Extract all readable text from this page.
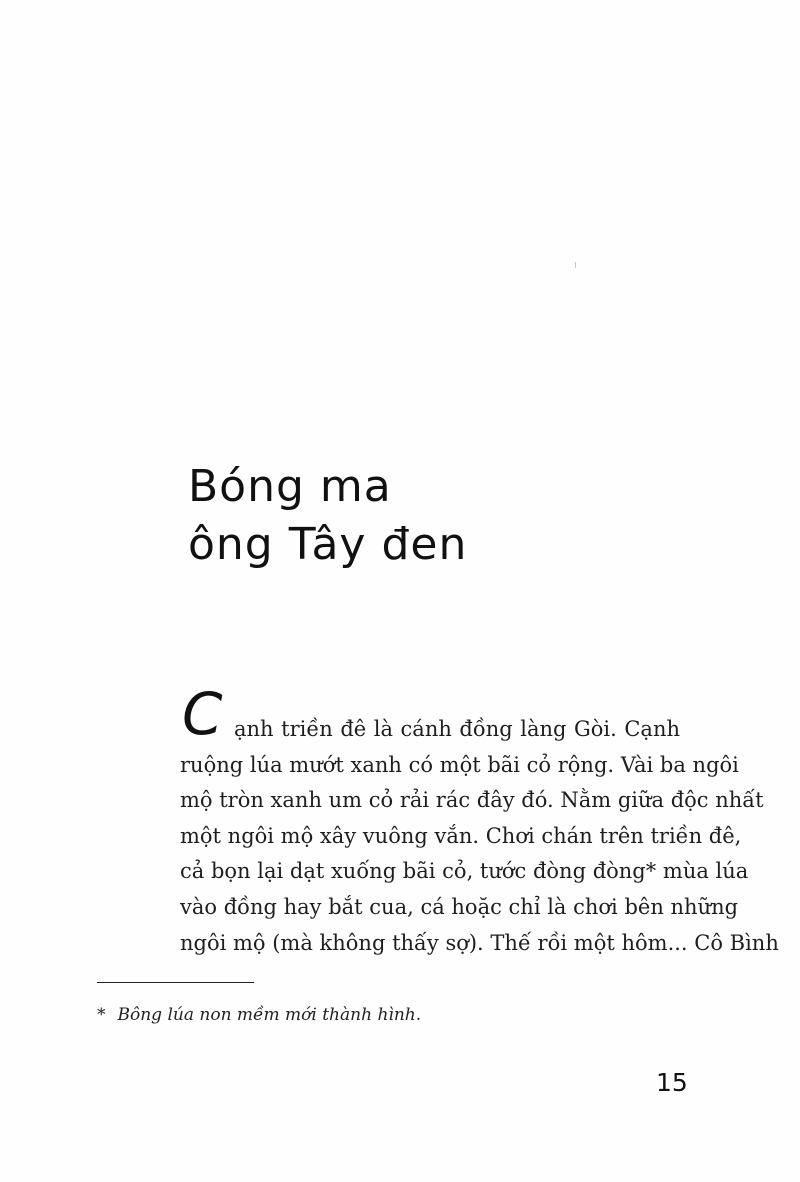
Bóng ma
ông Tây đen

C ạnh triền đê là cánh đồng làng Gòi. Cạnh
ruộng lúa mướt xanh có một bãi cỏ rộng. Vài ba ngôi
mộ tròn xanh um cỏ rải rác đây đó. Nằm giữa độc nhất
một ngôi mộ xây vuông vắn. Chơi chán trên triền đê,
cả bọn lại dạt xuống bãi cỏ, tước đòng đòng* mùa lúa
vào đồng hay bắt cua, cá hoặc chỉ là chơi bên những
ngôi mộ (mà không thấy sợ). Thế rồi một hôm... Cô Bình

* Bông lúa non mềm mới thành hình.

15
